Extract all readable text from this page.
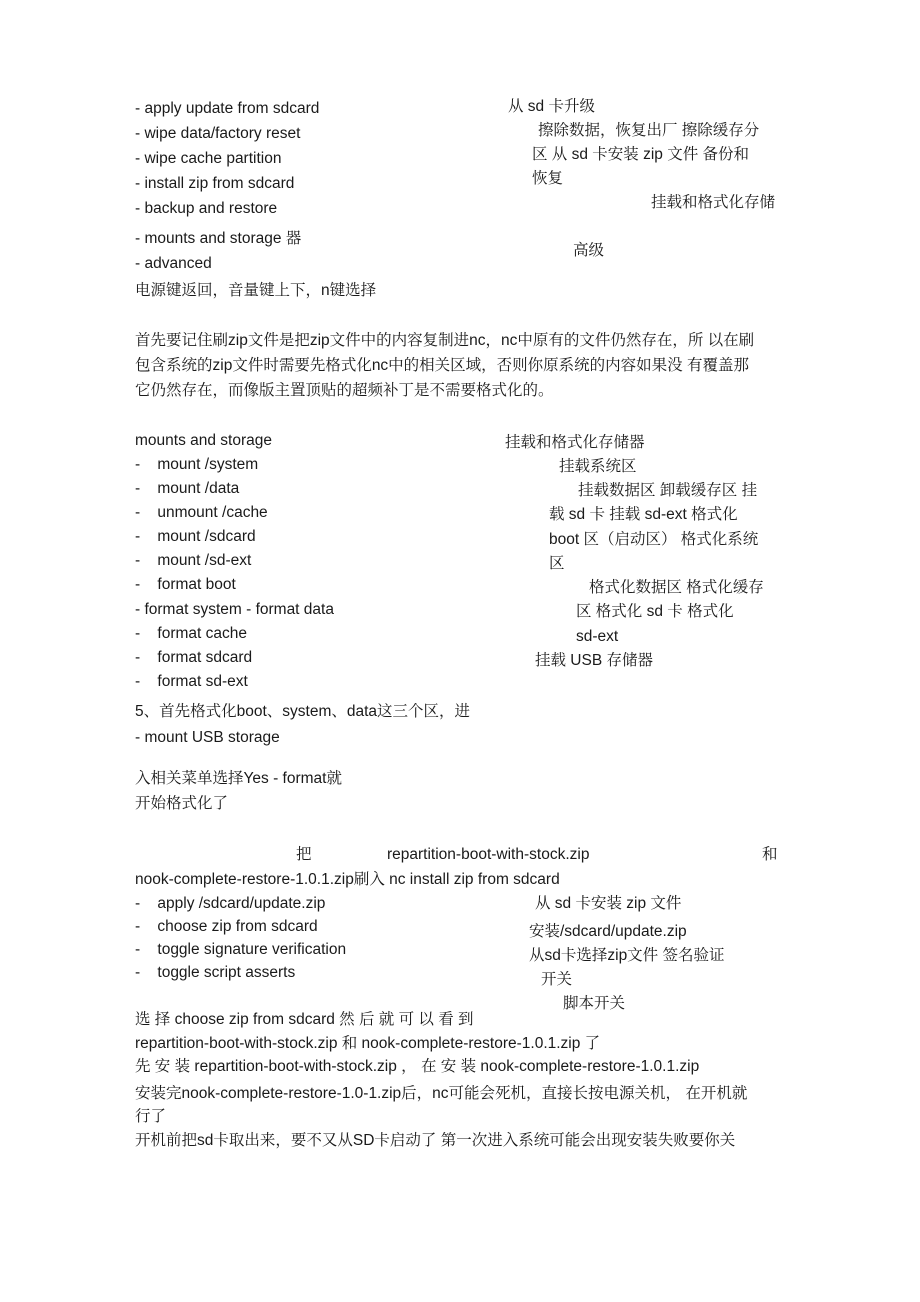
- apply update from sdcard
- wipe data/factory reset
- wipe cache partition
- install zip from sdcard
- backup and restore
- mounts and storage 器
- advanced
电源键返回，音量键上下，n键选择
从 sd 卡升级
擦除数据，恢复出厂 擦除缓存分
区 从 sd 卡安装 zip 文件 备份和
恢复
挂载和格式化存储
高级
首先要记住刷zip文件是把zip文件中的内容复制进nc，nc中原有的文件仍然存在，所 以在刷
包含系统的zip文件时需要先格式化nc中的相关区域，否则你原系统的内容如果没 有覆盖那
它仍然存在，而像版主置顶贴的超频补丁是不需要格式化的。
mounts and storage
-    mount /system
-    mount /data
-    unmount /cache
-    mount /sdcard
-    mount /sd-ext
-    format boot
- format system - format data
-    format cache
-    format sdcard
-    format sd-ext
5、首先格式化boot、system、data这三个区，进
- mount USB storage
入相关菜单选择Yes - format就
开始格式化了
挂载和格式化存储器
挂载系统区
挂载数据区 卸载缓存区 挂
载 sd 卡 挂载 sd-ext 格式化
boot 区（启动区） 格式化系统
区
格式化数据区 格式化缓存
区 格式化 sd 卡 格式化
sd-ext
挂载 USB 存储器
把	repartition-boot-with-stock.zip	和
nook-complete-restore-1.0.1.zip刷入 nc install zip from sdcard
-    apply /sdcard/update.zip
-    choose zip from sdcard
-    toggle signature verification
-    toggle script asserts
从 sd 卡安装 zip 文件
安装/sdcard/update.zip
从sd卡选择zip文件 签名验证
开关
脚本开关
选 择 choose zip from sdcard 然 后 就 可 以 看 到
repartition-boot-with-stock.zip 和 nook-complete-restore-1.0.1.zip 了
先 安 装 repartition-boot-with-stock.zip ， 在 安 装 nook-complete-restore-1.0.1.zip
安装完nook-complete-restore-1.0-1.zip后，nc可能会死机，直接长按电源关机， 在开机就
行了
开机前把sd卡取出来，要不又从SD卡启动了 第一次进入系统可能会出现安装失败要你关
